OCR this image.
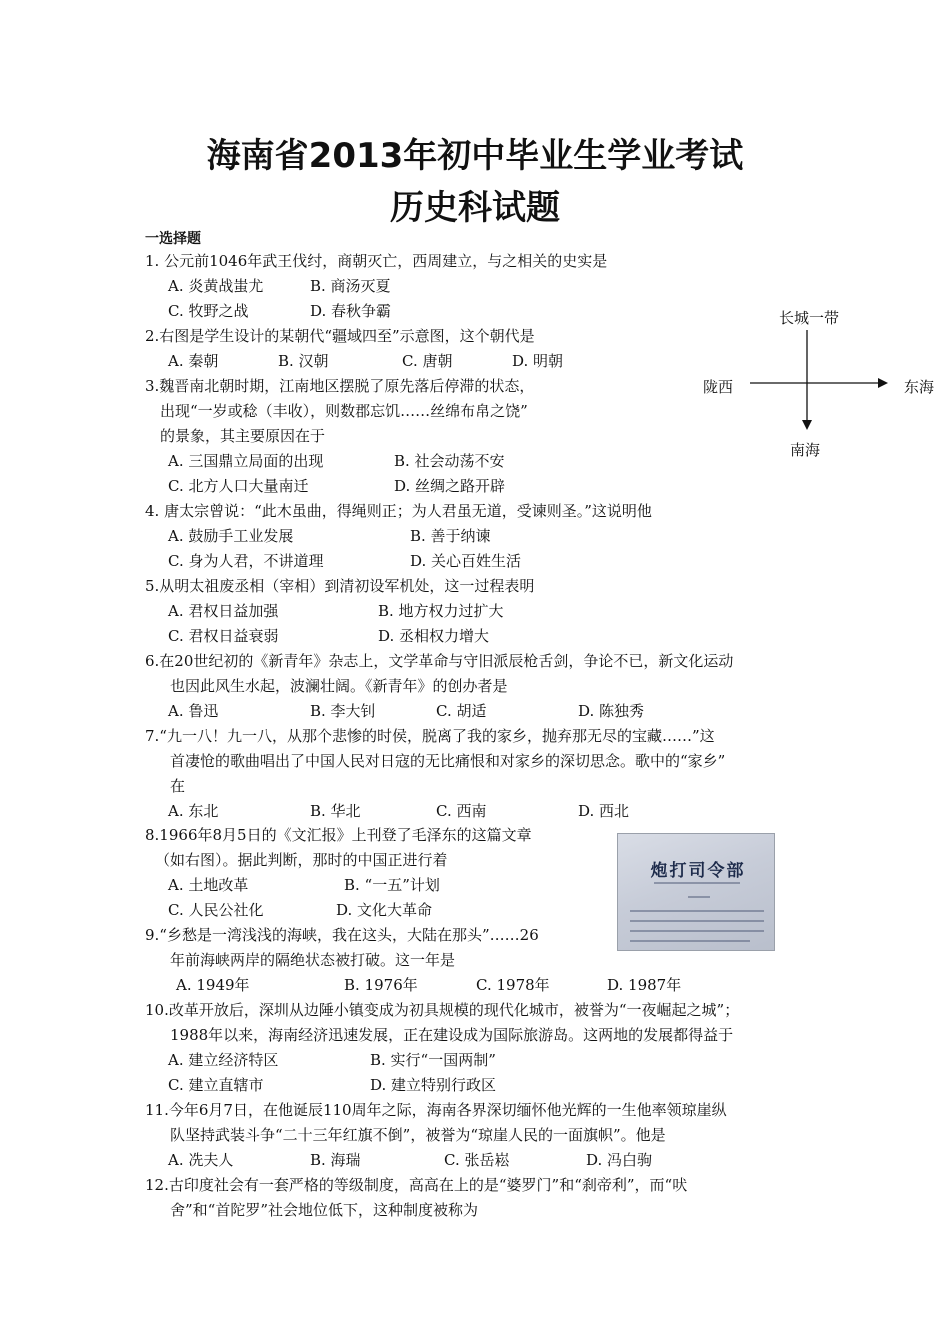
海南省2013年初中毕业生学业考试
历史科试题
一选择题
1. 公元前1046年武王伐纣，商朝灭亡，西周建立，与之相关的史实是
A. 炎黄战蚩尤	B. 商汤灭夏
C. 牧野之战	D. 春秋争霸
2.右图是学生设计的某朝代“疆域四至”示意图，这个朝代是
A. 秦朝	B. 汉朝	C. 唐朝	D. 明朝
长城一带
陇西	东海
南海
3.魏晋南北朝时期，江南地区摆脱了原先落后停滞的状态，
出现“一岁或稔（丰收），则数郡忘饥……丝绵布帛之饶”
的景象，其主要原因在于
A. 三国鼎立局面的出现	B. 社会动荡不安
C. 北方人口大量南迁	D. 丝绸之路开辟
4. 唐太宗曾说：“此木虽曲，得绳则正；为人君虽无道，受谏则圣。”这说明他
A. 鼓励手工业发展	B. 善于纳谏
C. 身为人君，不讲道理	D. 关心百姓生活
5.从明太祖废丞相（宰相）到清初设军机处，这一过程表明
A. 君权日益加强	B. 地方权力过扩大
C. 君权日益衰弱	D. 丞相权力增大
6.在20世纪初的《新青年》杂志上，文学革命与守旧派辰枪舌剑，争论不已，新文化运动
也因此风生水起，波澜壮阔。《新青年》的创办者是
A. 鲁迅	B. 李大钊	C. 胡适	D. 陈独秀
7.“九一八！九一八，从那个悲惨的时侯，脱离了我的家乡，抛弃那无尽的宝藏……”这
首凄怆的歌曲唱出了中国人民对日寇的无比痛恨和对家乡的深切思念。歌中的“家乡”
在
A. 东北	B. 华北	C. 西南	D. 西北
8.1966年8月5日的《文汇报》上刊登了毛泽东的这篇文章
（如右图）。据此判断，那时的中国正进行着
A. 土地改革	B. “一五”计划
C. 人民公社化	D. 文化大革命
炮打司令部
9.“乡愁是一湾浅浅的海峡，我在这头，大陆在那头”……26
年前海峡两岸的隔绝状态被打破。这一年是
A. 1949年	B. 1976年	C. 1978年	D. 1987年
10.改革开放后，深圳从边陲小镇变成为初具规模的现代化城市，被誉为“一夜崛起之城”；
1988年以来，海南经济迅速发展，正在建设成为国际旅游岛。这两地的发展都得益于
A. 建立经济特区	B. 实行“一国两制”
C. 建立直辖市	D. 建立特别行政区
11.今年6月7日，在他诞辰110周年之际，海南各界深切缅怀他光辉的一生他率领琼崖纵
队坚持武装斗争“二十三年红旗不倒”，被誉为“琼崖人民的一面旗帜”。他是
A. 冼夫人	B. 海瑞	C. 张岳崧	D. 冯白驹
12.古印度社会有一套严格的等级制度，高高在上的是“婆罗门”和“刹帝利”，而“吠
舍”和“首陀罗”社会地位低下，这种制度被称为
